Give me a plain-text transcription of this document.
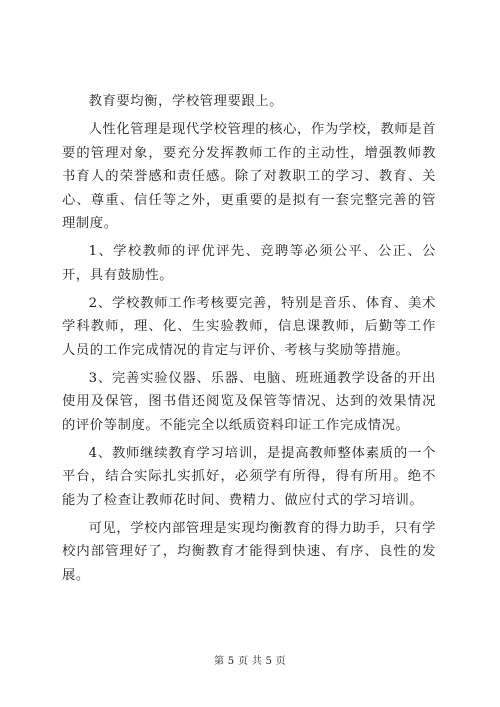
教育要均衡，学校管理要跟上。

人性化管理是现代学校管理的核心，作为学校，教师是首要的管理对象，要充分发挥教师工作的主动性，增强教师教书育人的荣誉感和责任感。除了对教职工的学习、教育、关心、尊重、信任等之外，更重要的是拟有一套完整完善的管理制度。

1、学校教师的评优评先、竞聘等必须公平、公正、公开，具有鼓励性。

2、学校教师工作考核要完善，特别是音乐、体育、美术学科教师，理、化、生实验教师，信息课教师，后勤等工作人员的工作完成情况的肯定与评价、考核与奖励等措施。

3、完善实验仪器、乐器、电脑、班班通教学设备的开出使用及保管，图书借还阅览及保管等情况、达到的效果情况的评价等制度。不能完全以纸质资料印证工作完成情况。

4、教师继续教育学习培训，是提高教师整体素质的一个平台，结合实际扎实抓好，必须学有所得，得有所用。绝不能为了检查让教师花时间、费精力、做应付式的学习培训。

可见，学校内部管理是实现均衡教育的得力助手，只有学校内部管理好了，均衡教育才能得到快速、有序、良性的发展。

第 5 页 共 5 页
